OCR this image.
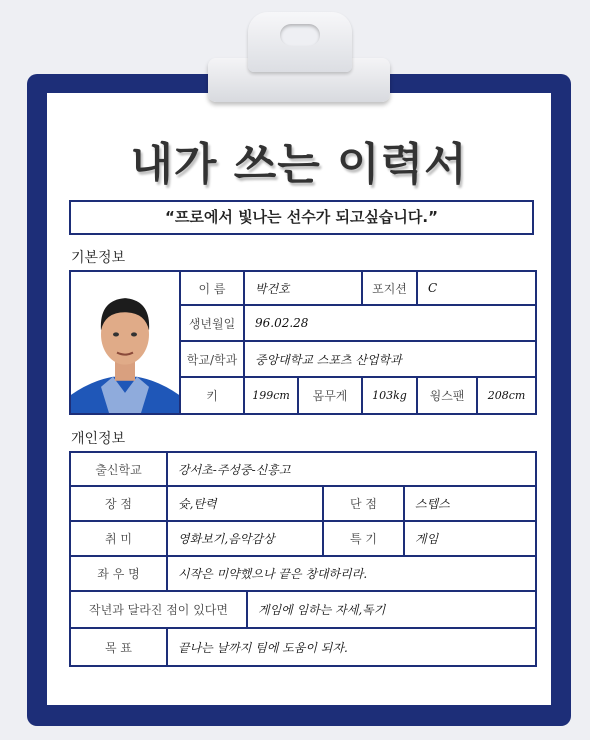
내가 쓰는 이력서
“프로에서 빛나는 선수가 되고싶습니다.”
기본정보
	이 름	박건호		포지션	C	
	생년월일	96.02.28				
	학교/학과	중앙대학교 스포츠 산업학과				
	키	199cm	몸무게	103kg	윙스팬	208cm
개인정보
출신학교	강서초-주성중-신흥고			
장 점	슛,탄력		단 점	스텝스
취 미	영화보기,음악감상		특 기	게임
좌 우 명	시작은 미약했으나 끝은 창대하리라.			
작년과 달라진 점이 있다면		게임에 임하는 자세,독기		
목 표	끝나는 날까지 팀에 도움이 되자.			
